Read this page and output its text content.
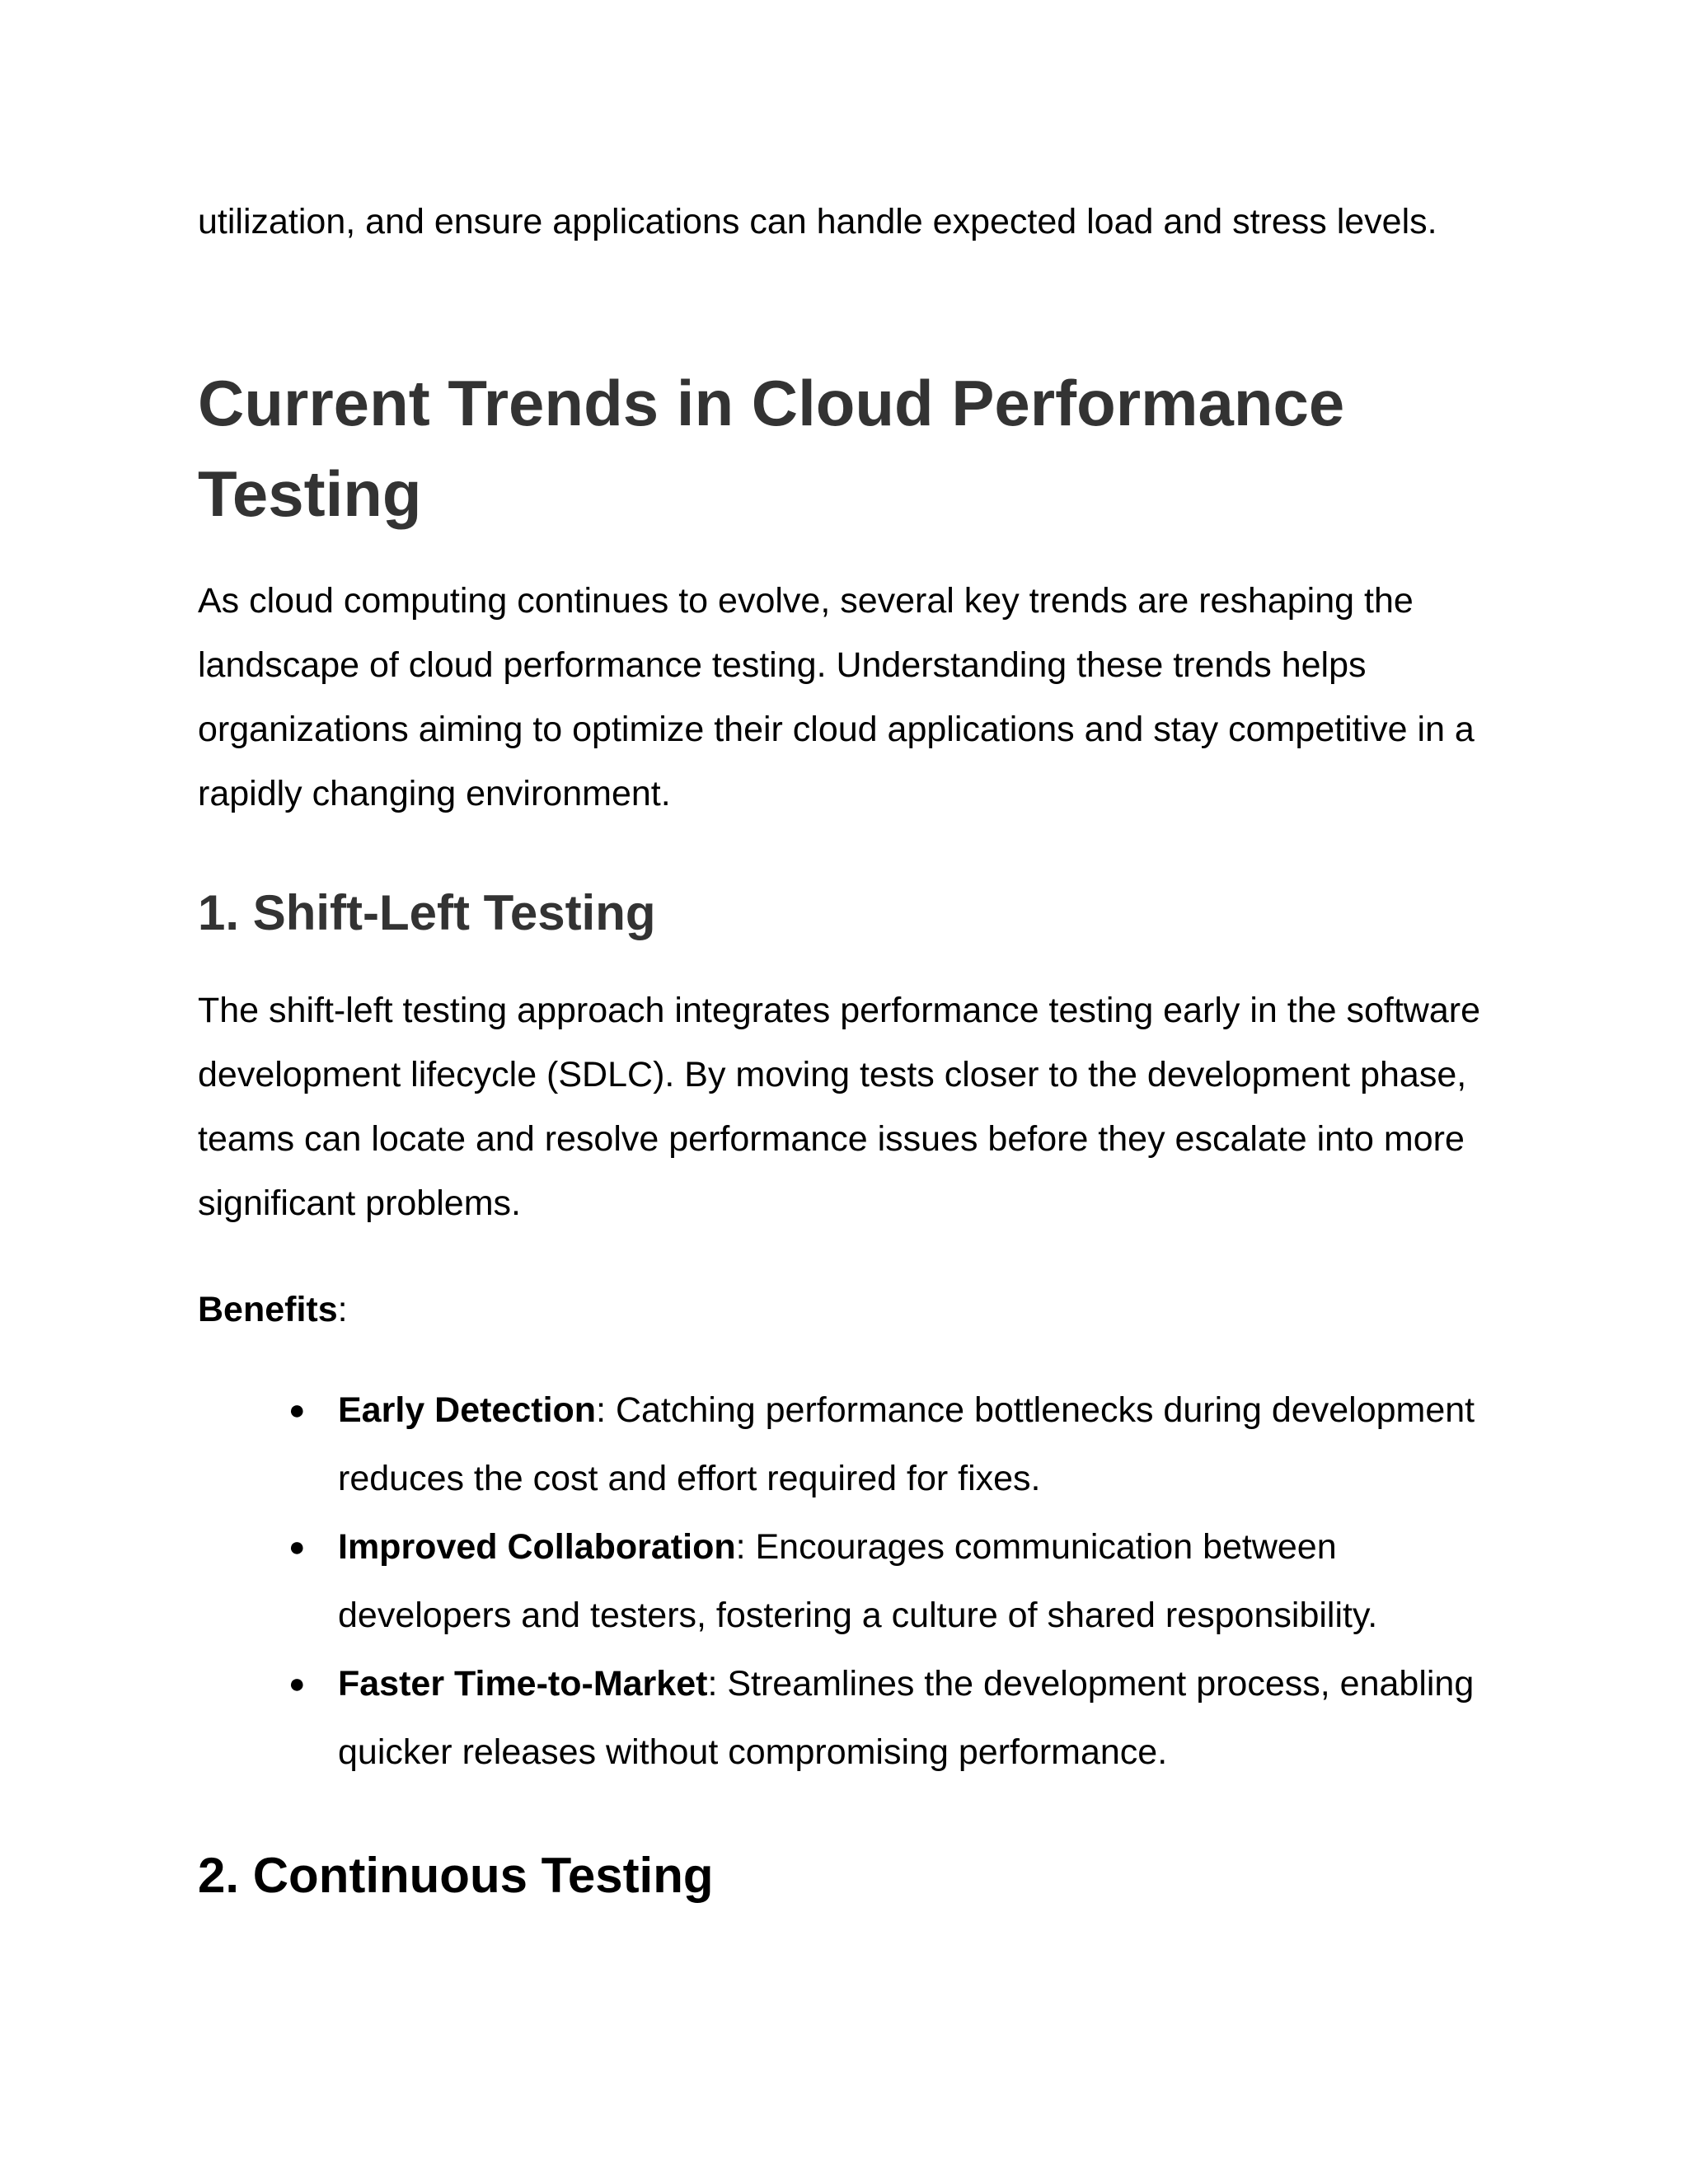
utilization, and ensure applications can handle expected load and stress levels.

Current Trends in Cloud Performance Testing

As cloud computing continues to evolve, several key trends are reshaping the landscape of cloud performance testing. Understanding these trends helps organizations aiming to optimize their cloud applications and stay competitive in a rapidly changing environment.

1. Shift-Left Testing

The shift-left testing approach integrates performance testing early in the software development lifecycle (SDLC). By moving tests closer to the development phase, teams can locate and resolve performance issues before they escalate into more significant problems.

Benefits:

● Early Detection: Catching performance bottlenecks during development reduces the cost and effort required for fixes.
● Improved Collaboration: Encourages communication between developers and testers, fostering a culture of shared responsibility.
● Faster Time-to-Market: Streamlines the development process, enabling quicker releases without compromising performance.
2. Continuous Testing
